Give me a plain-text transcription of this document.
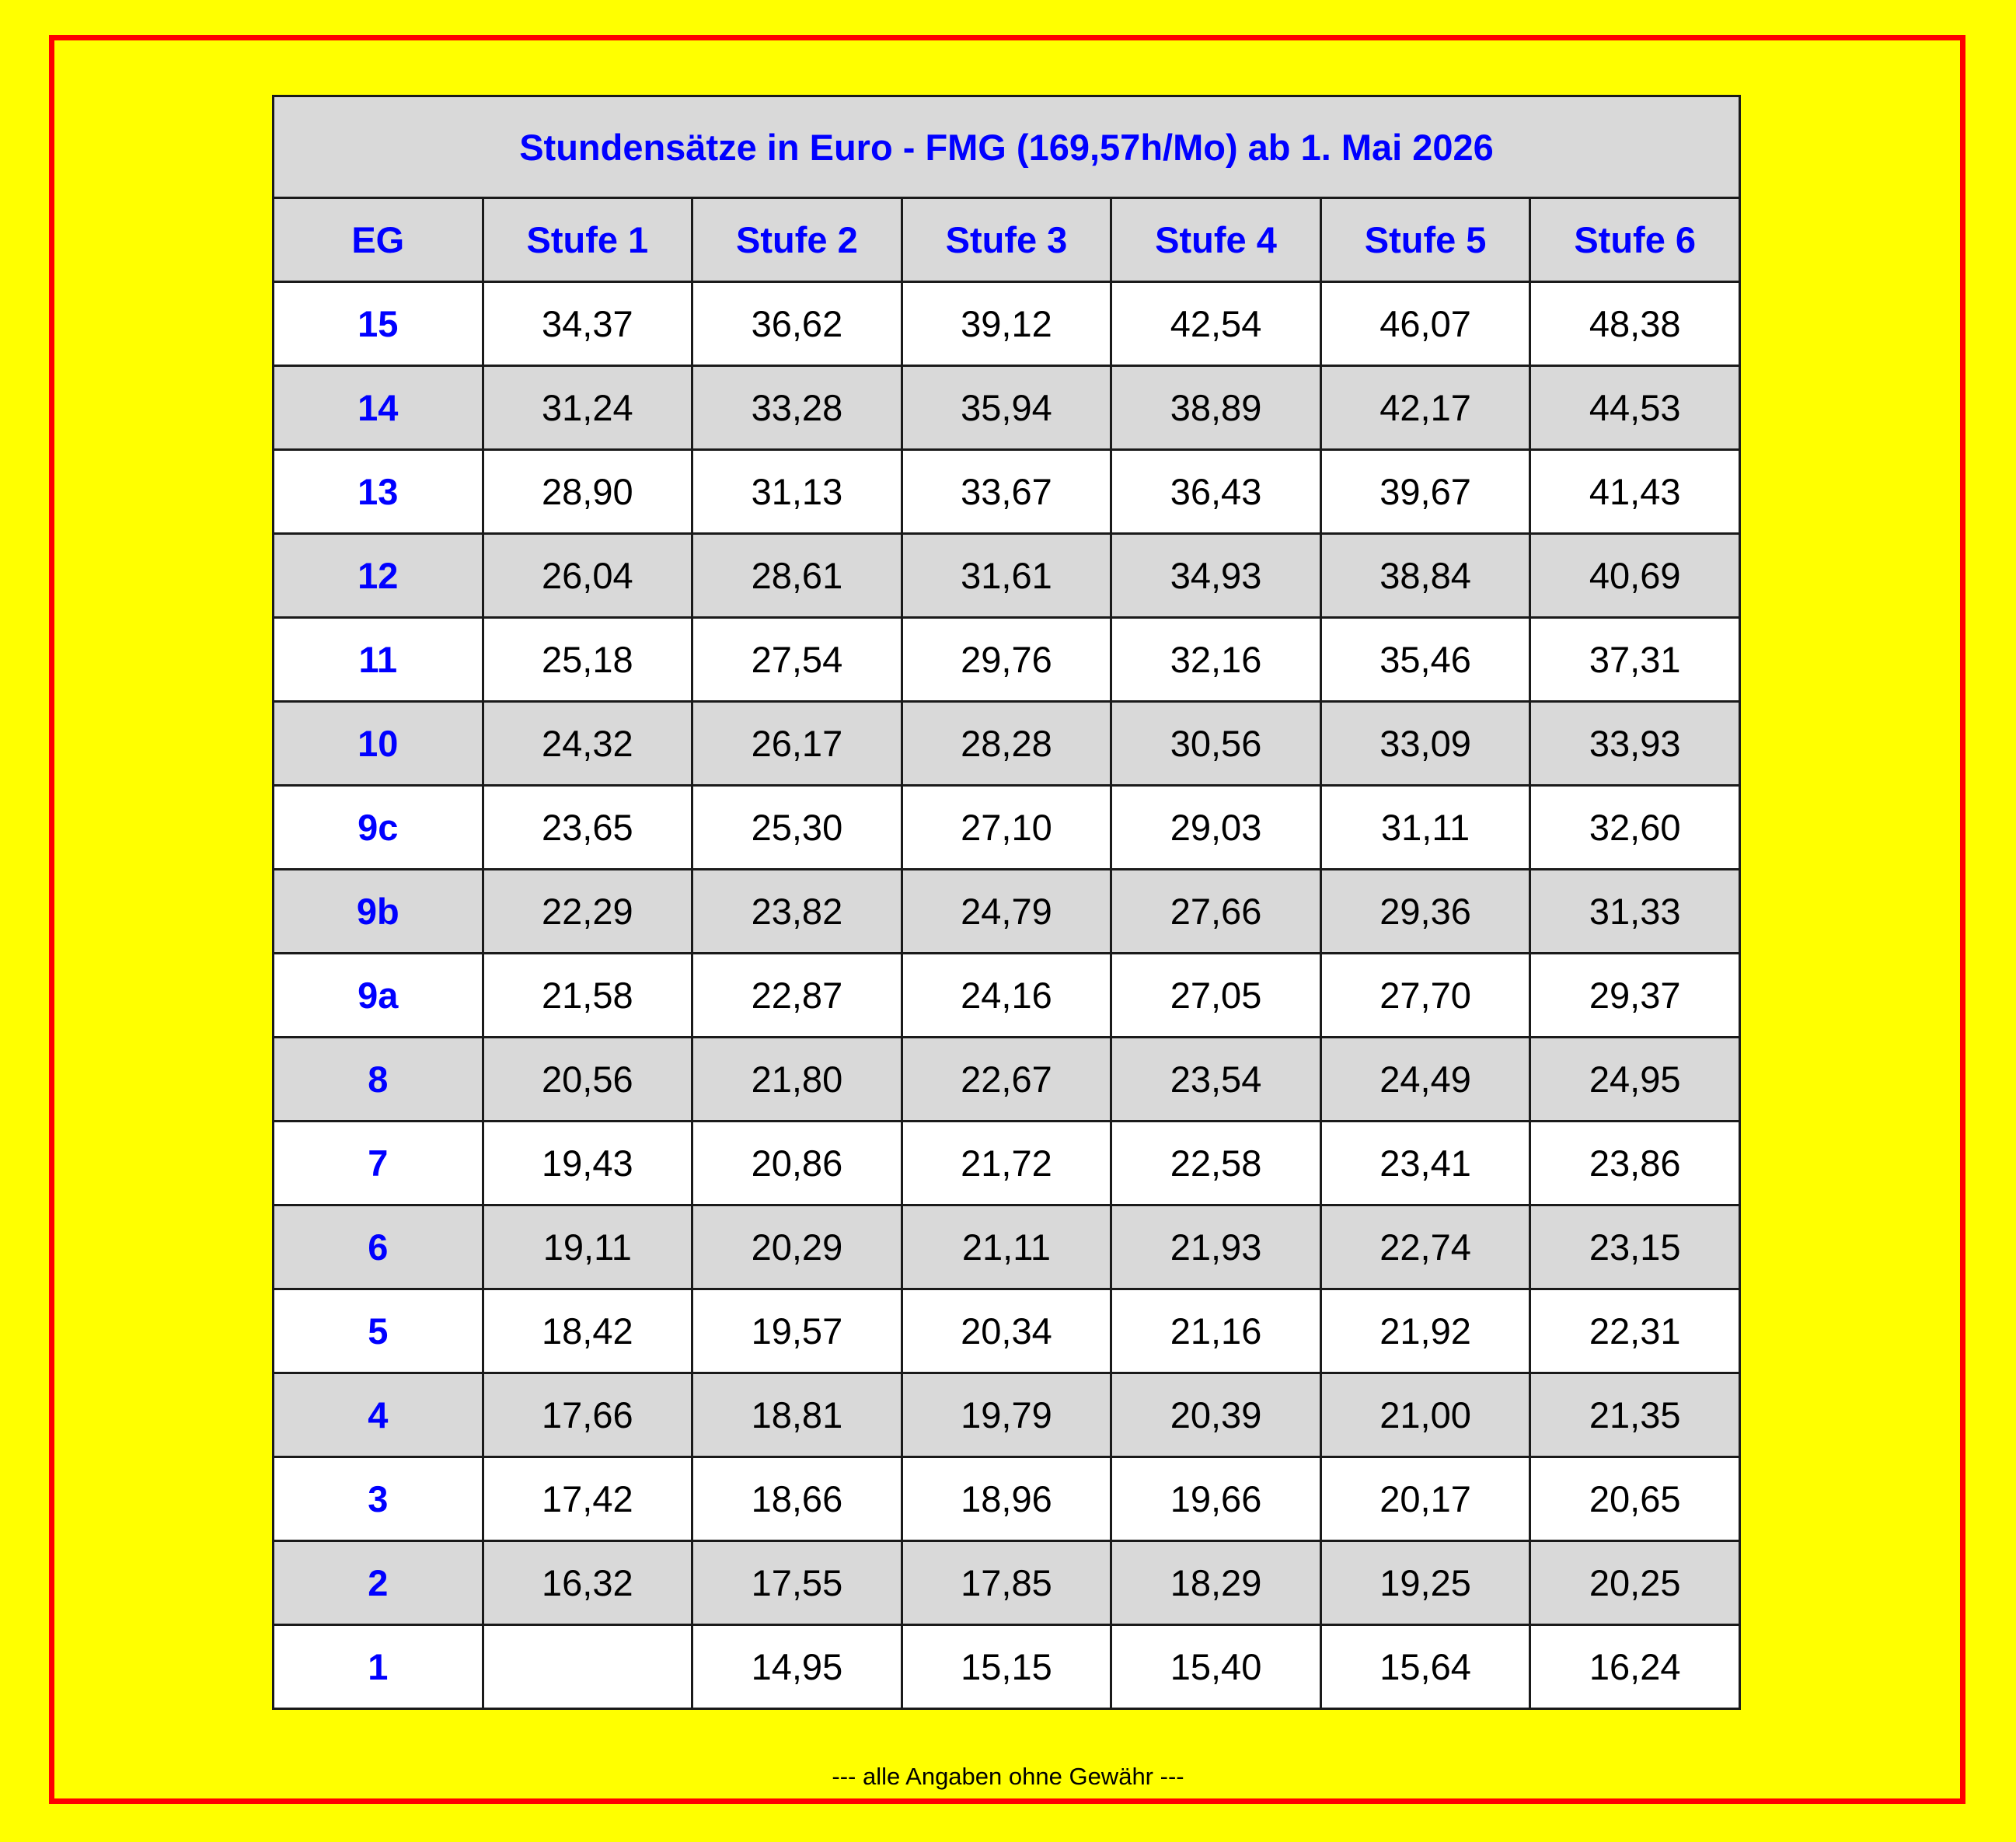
Stundensätze in Euro - FMG (169,57h/Mo) ab 1. Mai 2026						
EG	Stufe 1	Stufe 2	Stufe 3	Stufe 4	Stufe 5	Stufe 6
15	34,37	36,62	39,12	42,54	46,07	48,38
14	31,24	33,28	35,94	38,89	42,17	44,53
13	28,90	31,13	33,67	36,43	39,67	41,43
12	26,04	28,61	31,61	34,93	38,84	40,69
11	25,18	27,54	29,76	32,16	35,46	37,31
10	24,32	26,17	28,28	30,56	33,09	33,93
9c	23,65	25,30	27,10	29,03	31,11	32,60
9b	22,29	23,82	24,79	27,66	29,36	31,33
9a	21,58	22,87	24,16	27,05	27,70	29,37
8	20,56	21,80	22,67	23,54	24,49	24,95
7	19,43	20,86	21,72	22,58	23,41	23,86
6	19,11	20,29	21,11	21,93	22,74	23,15
5	18,42	19,57	20,34	21,16	21,92	22,31
4	17,66	18,81	19,79	20,39	21,00	21,35
3	17,42	18,66	18,96	19,66	20,17	20,65
2	16,32	17,55	17,85	18,29	19,25	20,25
1		14,95	15,15	15,40	15,64	16,24
--- alle Angaben ohne Gewähr ---
